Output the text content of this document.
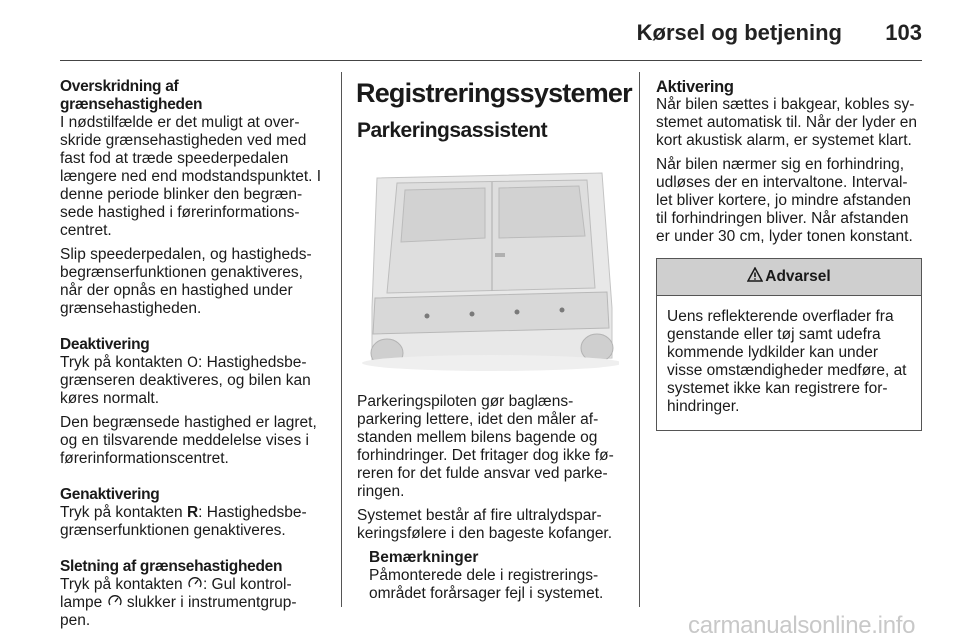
Kørsel og betjening 103
Overskridning af grænsehastigheden

I nødstilfælde er det muligt at over-skride grænsehastigheden ved med fast fod at træde speederpedalen længere ned end modstandspunktet. I denne periode blinker den begræn-sede hastighed i førerinformations-centret.

Slip speederpedalen, og hastigheds-begrænserfunktionen genaktiveres, når der opnås en hastighed under grænsehastigheden.

Deaktivering

Tryk på kontakten O: Hastighedsbe-grænseren deaktiveres, og bilen kan køres normalt.

Den begrænsede hastighed er lagret, og en tilsvarende meddelelse vises i førerinformationscentret.

Genaktivering

Tryk på kontakten R: Hastighedsbe-grænserfunktionen genaktiveres.

Sletning af grænsehastigheden

Tryk på kontakten : Gul kontrol-lampe  slukker i instrumentgrup-pen.

Registreringssystemer
Parkeringsassistent

Parkeringspiloten gør baglæns-parkering lettere, idet den måler af-standen mellem bilens bagende og forhindringer. Det fritager dog ikke fø-reren for det fulde ansvar ved parke-ringen.

Systemet består af fire ultralydspar-keringsfølere i den bageste kofanger.

Bemærkninger
Påmonterede dele i registrerings-området forårsager fejl i systemet.
Aktivering

Når bilen sættes i bakgear, kobles sy-stemet automatisk til. Når der lyder en kort akustisk alarm, er systemet klart.

Når bilen nærmer sig en forhindring, udløses der en intervaltone. Interval-let bliver kortere, jo mindre afstanden til forhindringen bliver. Når afstanden er under 30 cm, lyder tonen konstant.

Advarsel
Uens reflekterende overflader fra genstande eller tøj samt udefra kommende lydkilder kan under visse omstændigheder medføre, at systemet ikke kan registrere for-hindringer.
carmanualsonline.info
